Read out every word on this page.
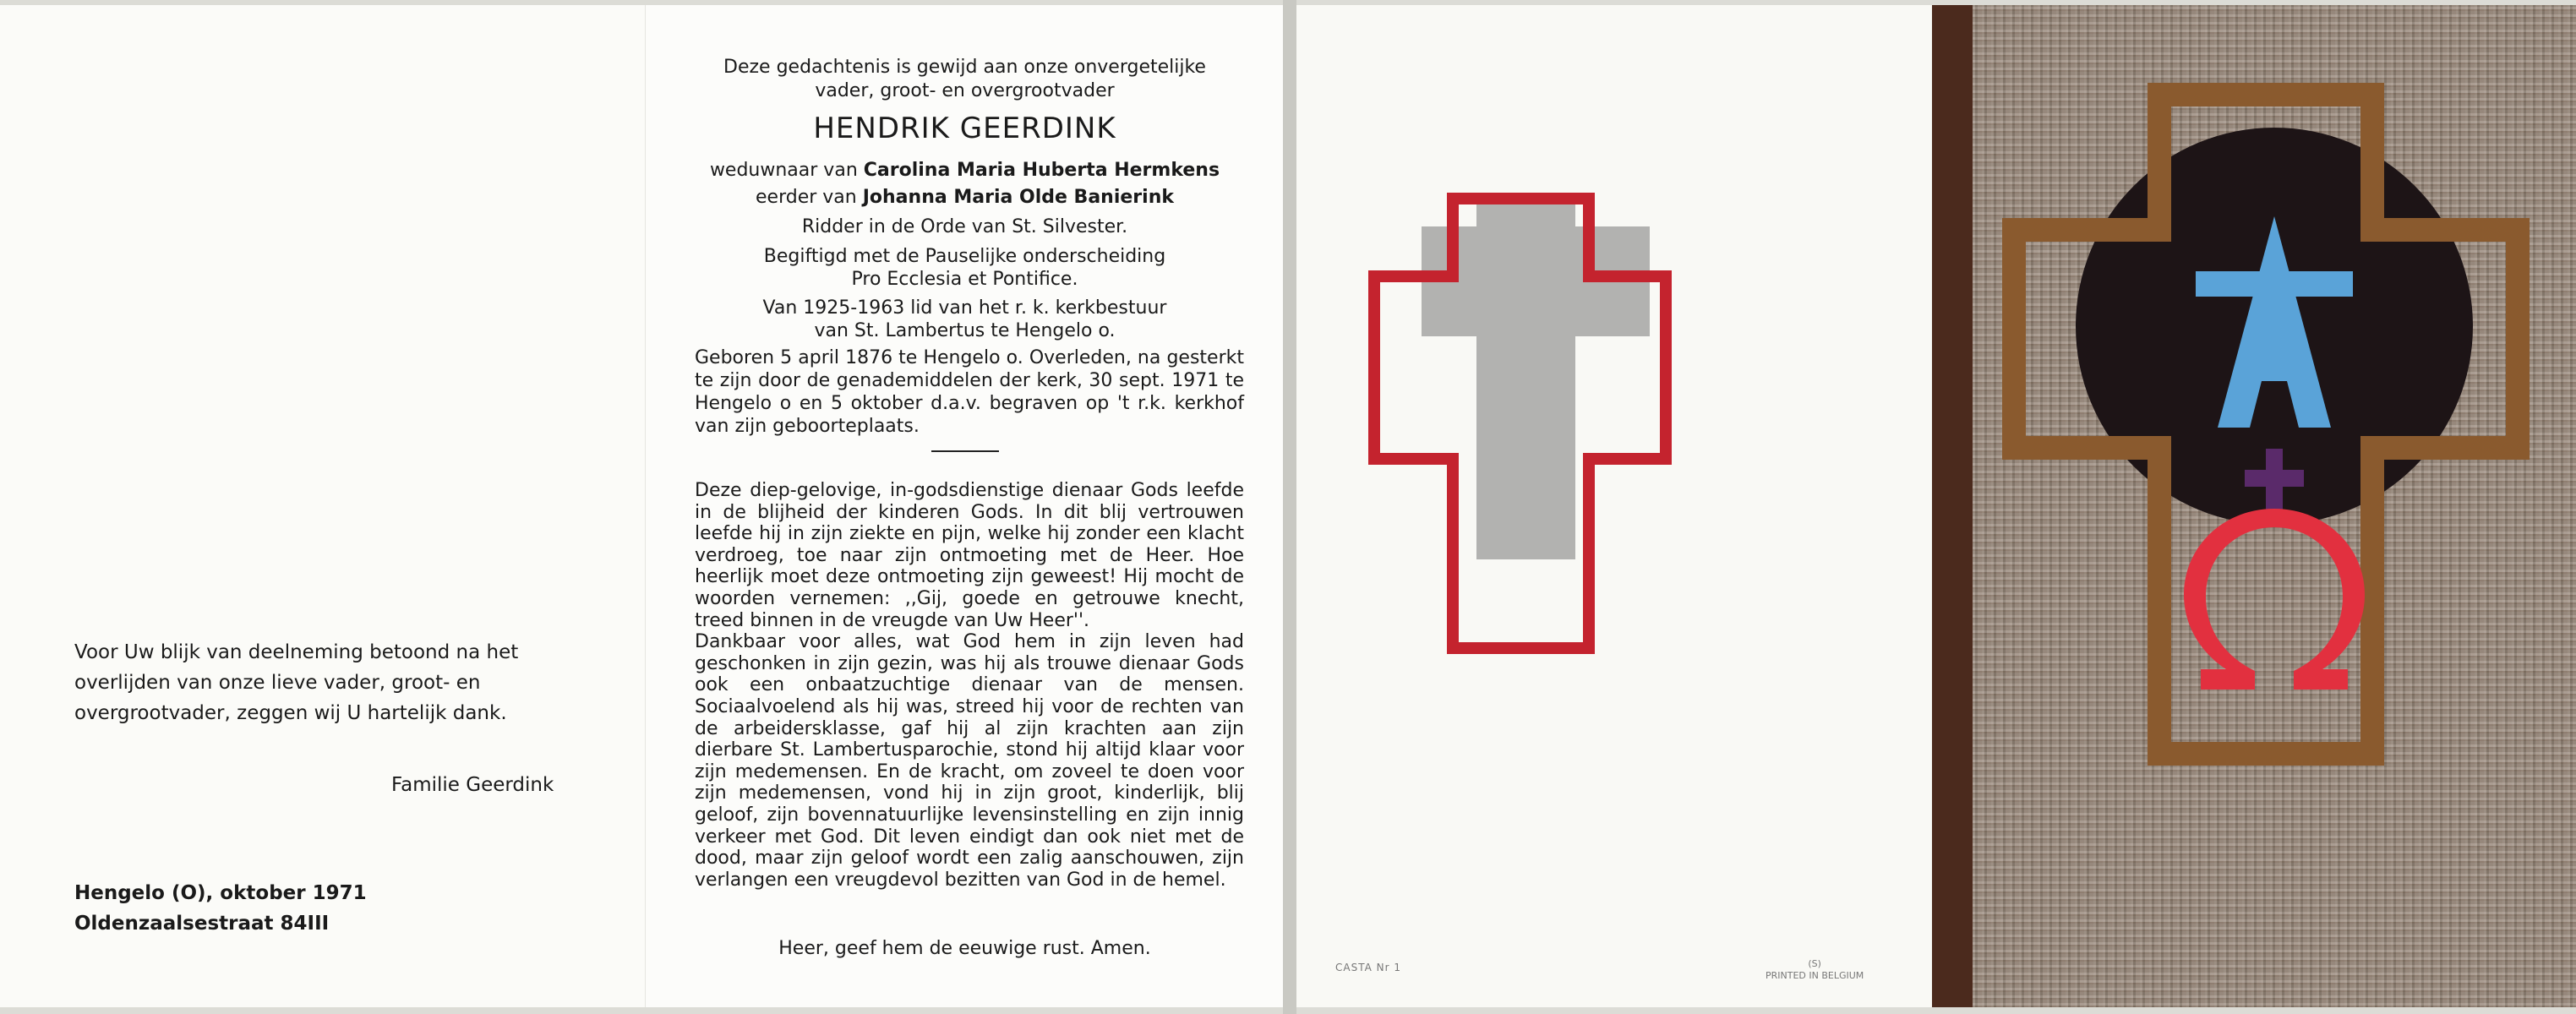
Voor Uw blijk van deelneming betoond na het overlijden van onze lieve vader, groot- en overgrootvader, zeggen wij U hartelijk dank.
Familie Geerdink
Hengelo (O), oktober 1971
Oldenzaalsestraat 84III
Deze gedachtenis is gewijd aan onze onvergetelijke
vader, groot- en overgrootvader
HENDRIK GEERDINK
weduwnaar van Carolina Maria Huberta Hermkens
eerder van Johanna Maria Olde Banierink
Ridder in de Orde van St. Silvester.
Begiftigd met de Pauselijke onderscheiding
Pro Ecclesia et Pontifice.
Van 1925-1963 lid van het r. k. kerkbestuur
van St. Lambertus te Hengelo o.
Geboren 5 april 1876 te Hengelo o. Overleden, na gesterkt te zijn door de genademiddelen der kerk, 30 sept. 1971 te Hengelo o en 5 oktober d.a.v. begraven op 't r.k. kerkhof van zijn geboorteplaats.

Deze diep-gelovige, in-godsdienstige dienaar Gods leefde in de blijheid der kinderen Gods. In dit blij vertrouwen leefde hij in zijn ziekte en pijn, welke hij zonder een klacht verdroeg, toe naar zijn ontmoeting met de Heer. Hoe heerlijk moet deze ontmoeting zijn geweest! Hij mocht de woorden vernemen: ,,Gij, goede en getrouwe knecht, treed binnen in de vreugde van Uw Heer''.

Dankbaar voor alles, wat God hem in zijn leven had geschonken in zijn gezin, was hij als trouwe dienaar Gods ook een onbaatzuchtige dienaar van de mensen. Sociaalvoelend als hij was, streed hij voor de rechten van de arbeidersklasse, gaf hij al zijn krachten aan zijn dierbare St. Lambertusparochie, stond hij altijd klaar voor zijn medemensen. En de kracht, om zoveel te doen voor zijn medemensen, vond hij in zijn groot, kinderlijk, blij geloof, zijn bovennatuurlijke levensinstelling en zijn innig verkeer met God. Dit leven eindigt dan ook niet met de dood, maar zijn geloof wordt een zalig aanschouwen, zijn verlangen een vreugdevol bezitten van God in de hemel.

Heer, geef hem de eeuwige rust. Amen.
CASTA Nr 1	(S)
PRINTED IN BELGIUM
